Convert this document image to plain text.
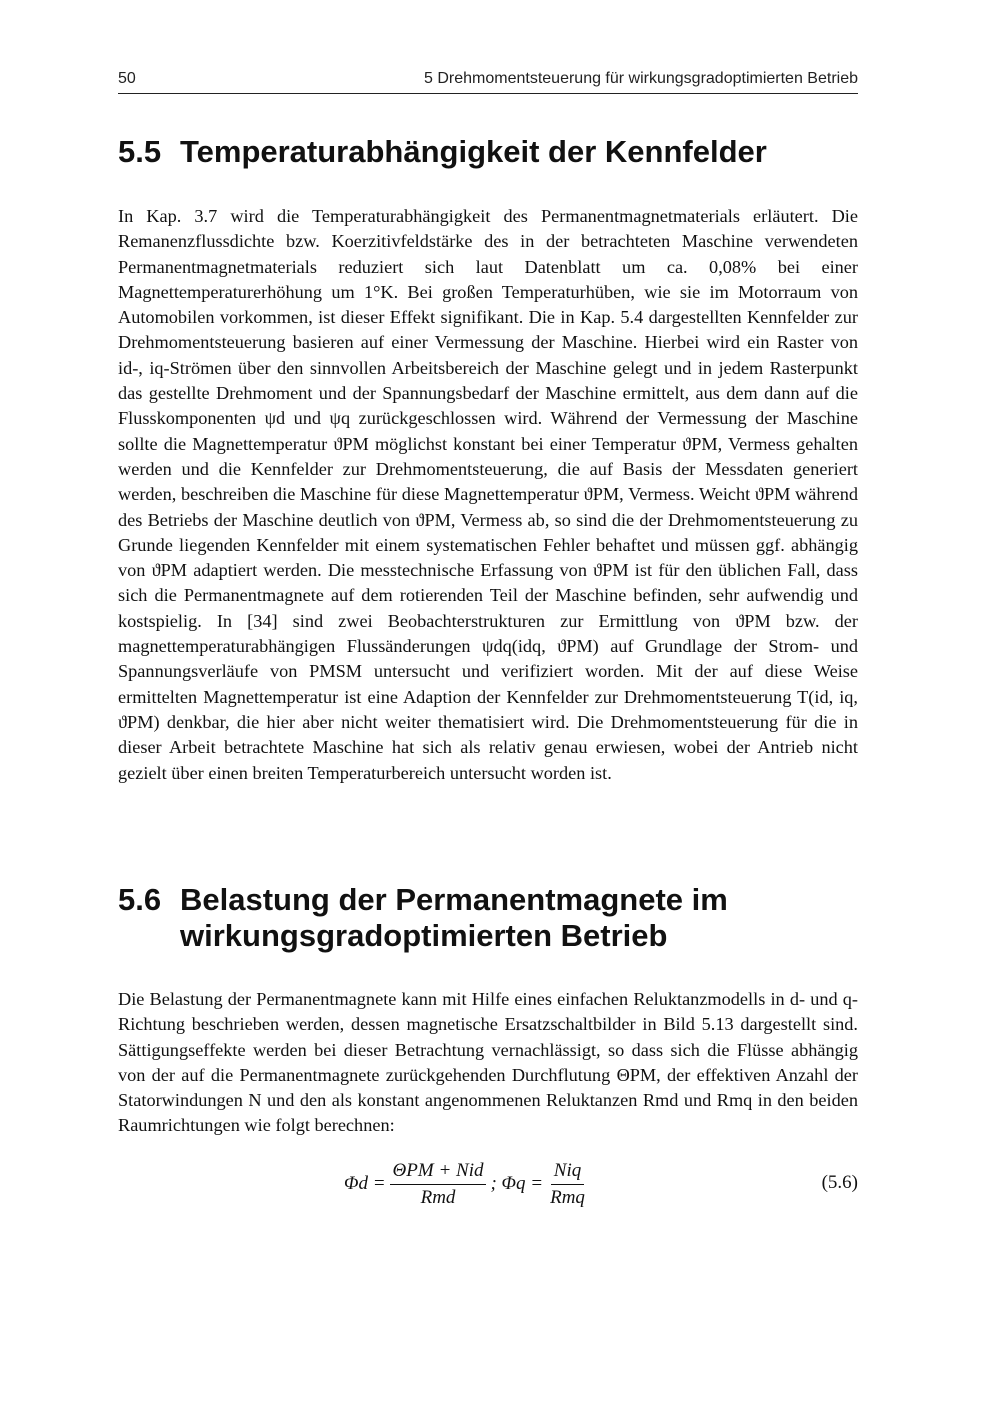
50	5 Drehmomentsteuerung für wirkungsgradoptimierten Betrieb
5.5 Temperaturabhängigkeit der Kennfelder

In Kap. 3.7 wird die Temperaturabhängigkeit des Permanentmagnetmaterials erläutert. Die Remanenzflussdichte bzw. Koerzitivfeldstärke des in der betrachteten Maschine verwendeten Permanentmagnetmaterials reduziert sich laut Datenblatt um ca. 0,08% bei einer Magnettemperaturerhöhung um 1°K. Bei großen Temperaturhüben, wie sie im Motorraum von Automobilen vorkommen, ist dieser Effekt signifikant. Die in Kap. 5.4 dargestellten Kennfelder zur Drehmomentsteuerung basieren auf einer Vermessung der Maschine. Hierbei wird ein Raster von id-, iq-Strömen über den sinnvollen Arbeitsbereich der Maschine gelegt und in jedem Rasterpunkt das gestellte Drehmoment und der Spannungsbedarf der Maschine ermittelt, aus dem dann auf die Flusskomponenten ψd und ψq zurückgeschlossen wird. Während der Vermessung der Maschine sollte die Magnettemperatur ϑPM möglichst konstant bei einer Temperatur ϑPM, Vermess gehalten werden und die Kennfelder zur Drehmomentsteuerung, die auf Basis der Messdaten generiert werden, beschreiben die Maschine für diese Magnettemperatur ϑPM, Vermess. Weicht ϑPM während des Betriebs der Maschine deutlich von ϑPM, Vermess ab, so sind die der Drehmomentsteuerung zu Grunde liegenden Kennfelder mit einem systematischen Fehler behaftet und müssen ggf. abhängig von ϑPM adaptiert werden. Die messtechnische Erfassung von ϑPM ist für den üblichen Fall, dass sich die Permanentmagnete auf dem rotierenden Teil der Maschine befinden, sehr aufwendig und kostspielig. In [34] sind zwei Beobachterstrukturen zur Ermittlung von ϑPM bzw. der magnettemperaturabhängigen Flussänderungen ψdq(idq, ϑPM) auf Grundlage der Strom- und Spannungsverläufe von PMSM untersucht und verifiziert worden. Mit der auf diese Weise ermittelten Magnettemperatur ist eine Adaption der Kennfelder zur Drehmomentsteuerung T(id, iq, ϑPM) denkbar, die hier aber nicht weiter thematisiert wird. Die Drehmomentsteuerung für die in dieser Arbeit betrachtete Maschine hat sich als relativ genau erwiesen, wobei der Antrieb nicht gezielt über einen breiten Temperaturbereich untersucht worden ist.

5.6 Belastung der Permanentmagnete im
wirkungsgradoptimierten Betrieb

Die Belastung der Permanentmagnete kann mit Hilfe eines einfachen Reluktanzmodells in d- und q-Richtung beschrieben werden, dessen magnetische Ersatzschaltbilder in Bild 5.13 dargestellt sind. Sättigungseffekte werden bei dieser Betrachtung vernachlässigt, so dass sich die Flüsse abhängig von der auf die Permanentmagnete zurückgehenden Durchflutung ΘPM, der effektiven Anzahl der Statorwindungen N und den als konstant angenommenen Reluktanzen Rmd und Rmq in den beiden Raumrichtungen wie folgt berechnen:

$\Phi d = \frac{\text{ΘPM + Nid}}{\text{Rmd}}$ ; $\Phi q = \frac{\text{Niq}}{\text{Rmq}}$	(5.6)
